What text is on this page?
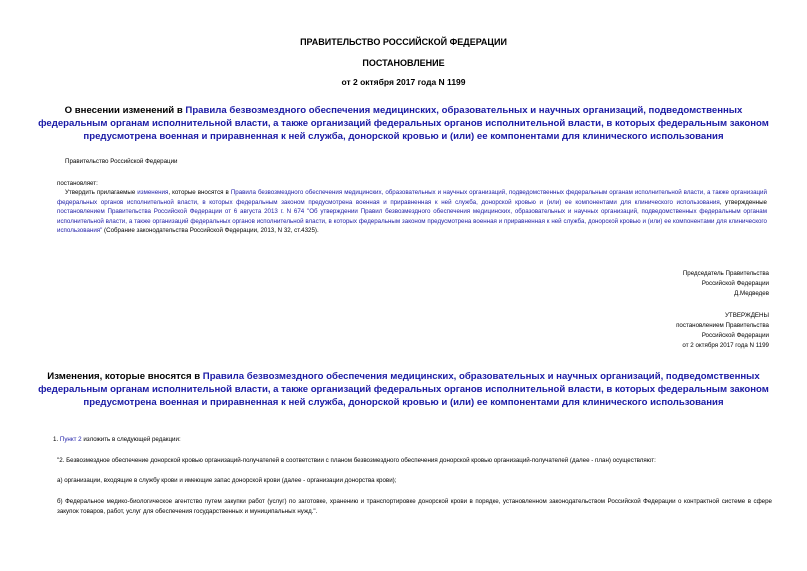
ПРАВИТЕЛЬСТВО РОССИЙСКОЙ ФЕДЕРАЦИИ
ПОСТАНОВЛЕНИЕ
от 2 октября 2017 года N 1199
О внесении изменений в Правила безвозмездного обеспечения медицинских, образовательных и научных организаций, подведомственных федеральным органам исполнительной власти, а также организаций федеральных органов исполнительной власти, в которых федеральным законом предусмотрена военная и приравненная к ней служба, донорской кровью и (или) ее компонентами для клинического использования
Правительство Российской Федерации
постановляет:
Утвердить прилагаемые изменения, которые вносятся в Правила безвозмездного обеспечения медицинских, образовательных и научных организаций, подведомственных федеральным органам исполнительной власти, а также организаций федеральных органов исполнительной власти, в которых федеральным законом предусмотрена военная и приравненная к ней служба, донорской кровью и (или) ее компонентами для клинического использования, утвержденные постановлением Правительства Российской Федерации от 6 августа 2013 г. N 674 "Об утверждении Правил безвозмездного обеспечения медицинских, образовательных и научных организаций, подведомственных федеральным органам исполнительной власти, а также организаций федеральных органов исполнительной власти, в которых федеральным законом предусмотрена военная и приравненная к ней служба, донорской кровью и (или) ее компонентами для клинического использования" (Собрание законодательства Российской Федерации, 2013, N 32, ст.4325).
Председатель Правительства
Российской Федерации
Д.Медведев
УТВЕРЖДЕНЫ
постановлением Правительства
Российской Федерации
от 2 октября 2017 года N 1199
Изменения, которые вносятся в Правила безвозмездного обеспечения медицинских, образовательных и научных организаций, подведомственных федеральным органам исполнительной власти, а также организаций федеральных органов исполнительной власти, в которых федеральным законом предусмотрена военная и приравненная к ней служба, донорской кровью и (или) ее компонентами для клинического использования
1. Пункт 2 изложить в следующей редакции:
"2. Безвозмездное обеспечение донорской кровью организаций-получателей в соответствии с планом безвозмездного обеспечения донорской кровью организаций-получателей (далее - план) осуществляют:
а) организации, входящие в службу крови и имеющие запас донорской крови (далее - организации донорства крови);
б) Федеральное медико-биологическое агентство путем закупки работ (услуг) по заготовке, хранению и транспортировке донорской крови в порядке, установленном законодательством Российской Федерации о контрактной системе в сфере закупок товаров, работ, услуг для обеспечения государственных и муниципальных нужд.".
